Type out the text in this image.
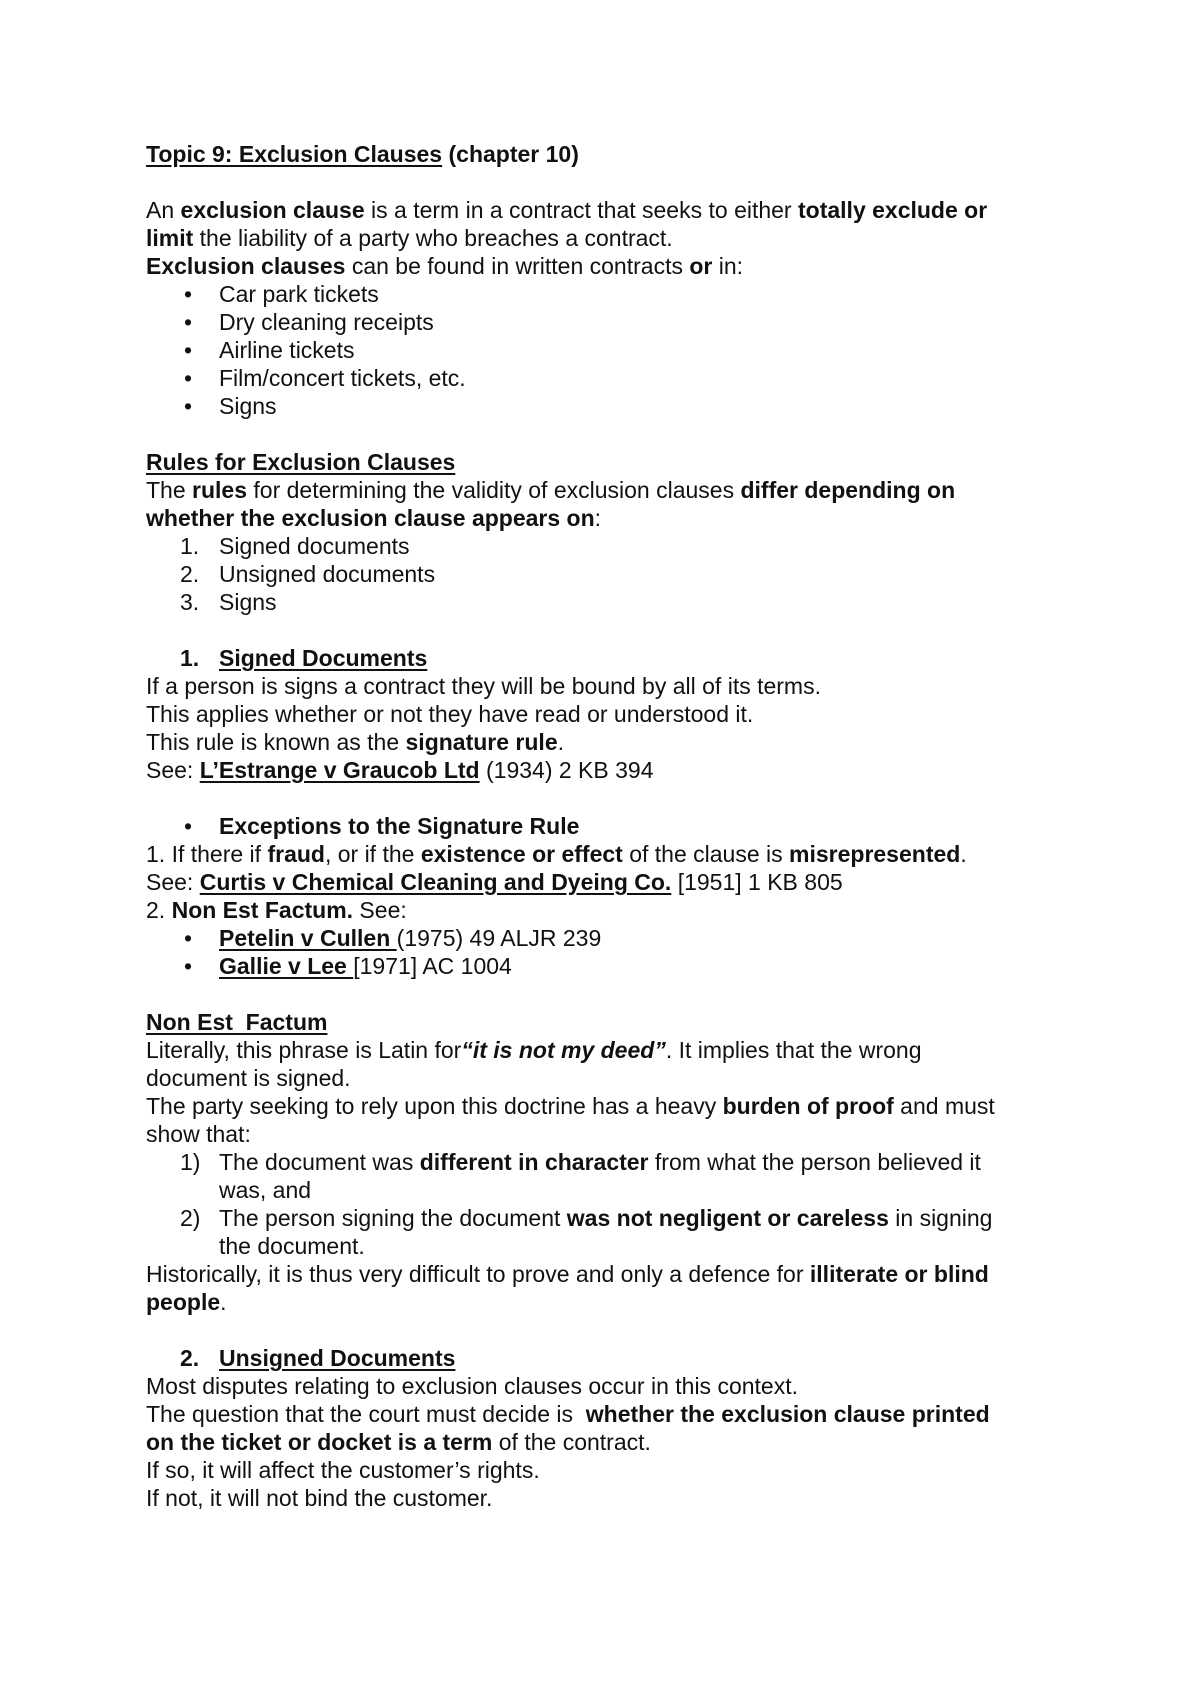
Topic 9: Exclusion Clauses (chapter 10)
An exclusion clause is a term in a contract that seeks to either totally exclude or
limit the liability of a party who breaches a contract.
Exclusion clauses can be found in written contracts or in:
• Car park tickets
• Dry cleaning receipts
• Airline tickets
• Film/concert tickets, etc.
• Signs
Rules for Exclusion Clauses
The rules for determining the validity of exclusion clauses differ depending on
whether the exclusion clause appears on:
1. Signed documents
2. Unsigned documents
3. Signs
1. Signed Documents
If a person is signs a contract they will be bound by all of its terms.
This applies whether or not they have read or understood it.
This rule is known as the signature rule.
See: L’Estrange v Graucob Ltd (1934) 2 KB 394
• Exceptions to the Signature Rule
1. If there if fraud, or if the existence or effect of the clause is misrepresented.
See: Curtis v Chemical Cleaning and Dyeing Co. [1951] 1 KB 805
2. Non Est Factum. See:
• Petelin v Cullen (1975) 49 ALJR 239
• Gallie v Lee [1971] AC 1004
Non Est  Factum
Literally, this phrase is Latin for“it is not my deed”. It implies that the wrong
document is signed.
The party seeking to rely upon this doctrine has a heavy burden of proof and must
show that:
1) The document was different in character from what the person believed it
was, and
2) The person signing the document was not negligent or careless in signing
the document.
Historically, it is thus very difficult to prove and only a defence for illiterate or blind
people.
2. Unsigned Documents
Most disputes relating to exclusion clauses occur in this context.
The question that the court must decide is  whether the exclusion clause printed
on the ticket or docket is a term of the contract.
If so, it will affect the customer’s rights.
If not, it will not bind the customer.
